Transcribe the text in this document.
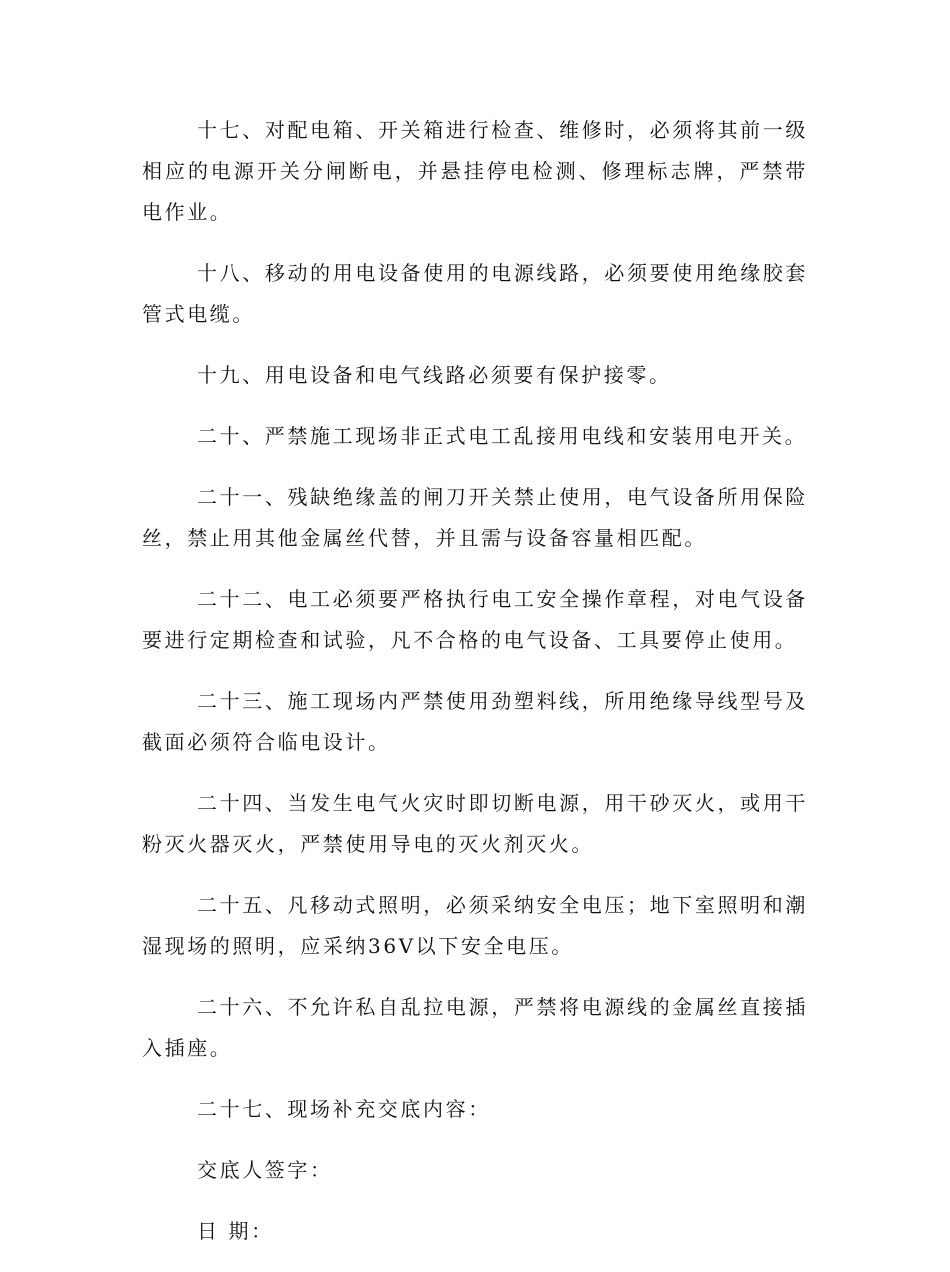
十七、对配电箱、开关箱进行检查、维修时，必须将其前一级相应的电源开关分闸断电，并悬挂停电检测、修理标志牌，严禁带电作业。

十八、移动的用电设备使用的电源线路，必须要使用绝缘胶套管式电缆。

十九、用电设备和电气线路必须要有保护接零。

二十、严禁施工现场非正式电工乱接用电线和安装用电开关。

二十一、残缺绝缘盖的闸刀开关禁止使用，电气设备所用保险丝，禁止用其他金属丝代替，并且需与设备容量相匹配。

二十二、电工必须要严格执行电工安全操作章程，对电气设备要进行定期检查和试验，凡不合格的电气设备、工具要停止使用。

二十三、施工现场内严禁使用劲塑料线，所用绝缘导线型号及截面必须符合临电设计。

二十四、当发生电气火灾时即切断电源，用干砂灭火，或用干粉灭火器灭火，严禁使用导电的灭火剂灭火。

二十五、凡移动式照明，必须采纳安全电压；地下室照明和潮湿现场的照明，应采纳36V以下安全电压。

二十六、不允许私自乱拉电源，严禁将电源线的金属丝直接插入插座。

二十七、现场补充交底内容：

交底人签字：

日 期：
